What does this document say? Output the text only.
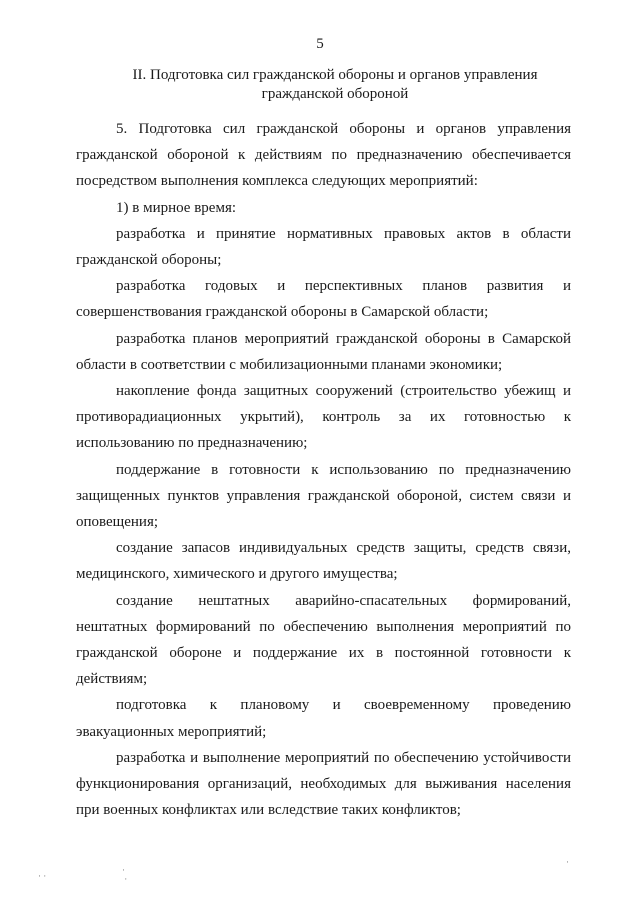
5
II. Подготовка сил гражданской обороны и органов управления
гражданской обороной

5. Подготовка сил гражданской обороны и органов управления гражданской обороной к действиям по предназначению обеспечивается посредством выполнения комплекса следующих мероприятий:

1) в мирное время:

разработка и принятие нормативных правовых актов в области гражданской обороны;

разработка годовых и перспективных планов развития и совершенствования гражданской обороны в Самарской области;

разработка планов мероприятий гражданской обороны в Самарской области в соответствии с мобилизационными планами экономики;

накопление фонда защитных сооружений (строительство убежищ и противорадиационных укрытий), контроль за их готовностью к использованию по предназначению;

поддержание в готовности к использованию по предназначению защищенных пунктов управления гражданской обороной, систем связи и оповещения;

создание запасов индивидуальных средств защиты, средств связи, медицинского, химического и другого имущества;

создание нештатных аварийно-спасательных формирований, нештатных формирований по обеспечению выполнения мероприятий по гражданской обороне и поддержание их в постоянной готовности к действиям;

подготовка к плановому и своевременному проведению эвакуационных мероприятий;

разработка и выполнение мероприятий по обеспечению устойчивости функционирования организаций, необходимых для выживания населения при военных конфликтах или вследствие таких конфликтов;

· ·
·
·
·
